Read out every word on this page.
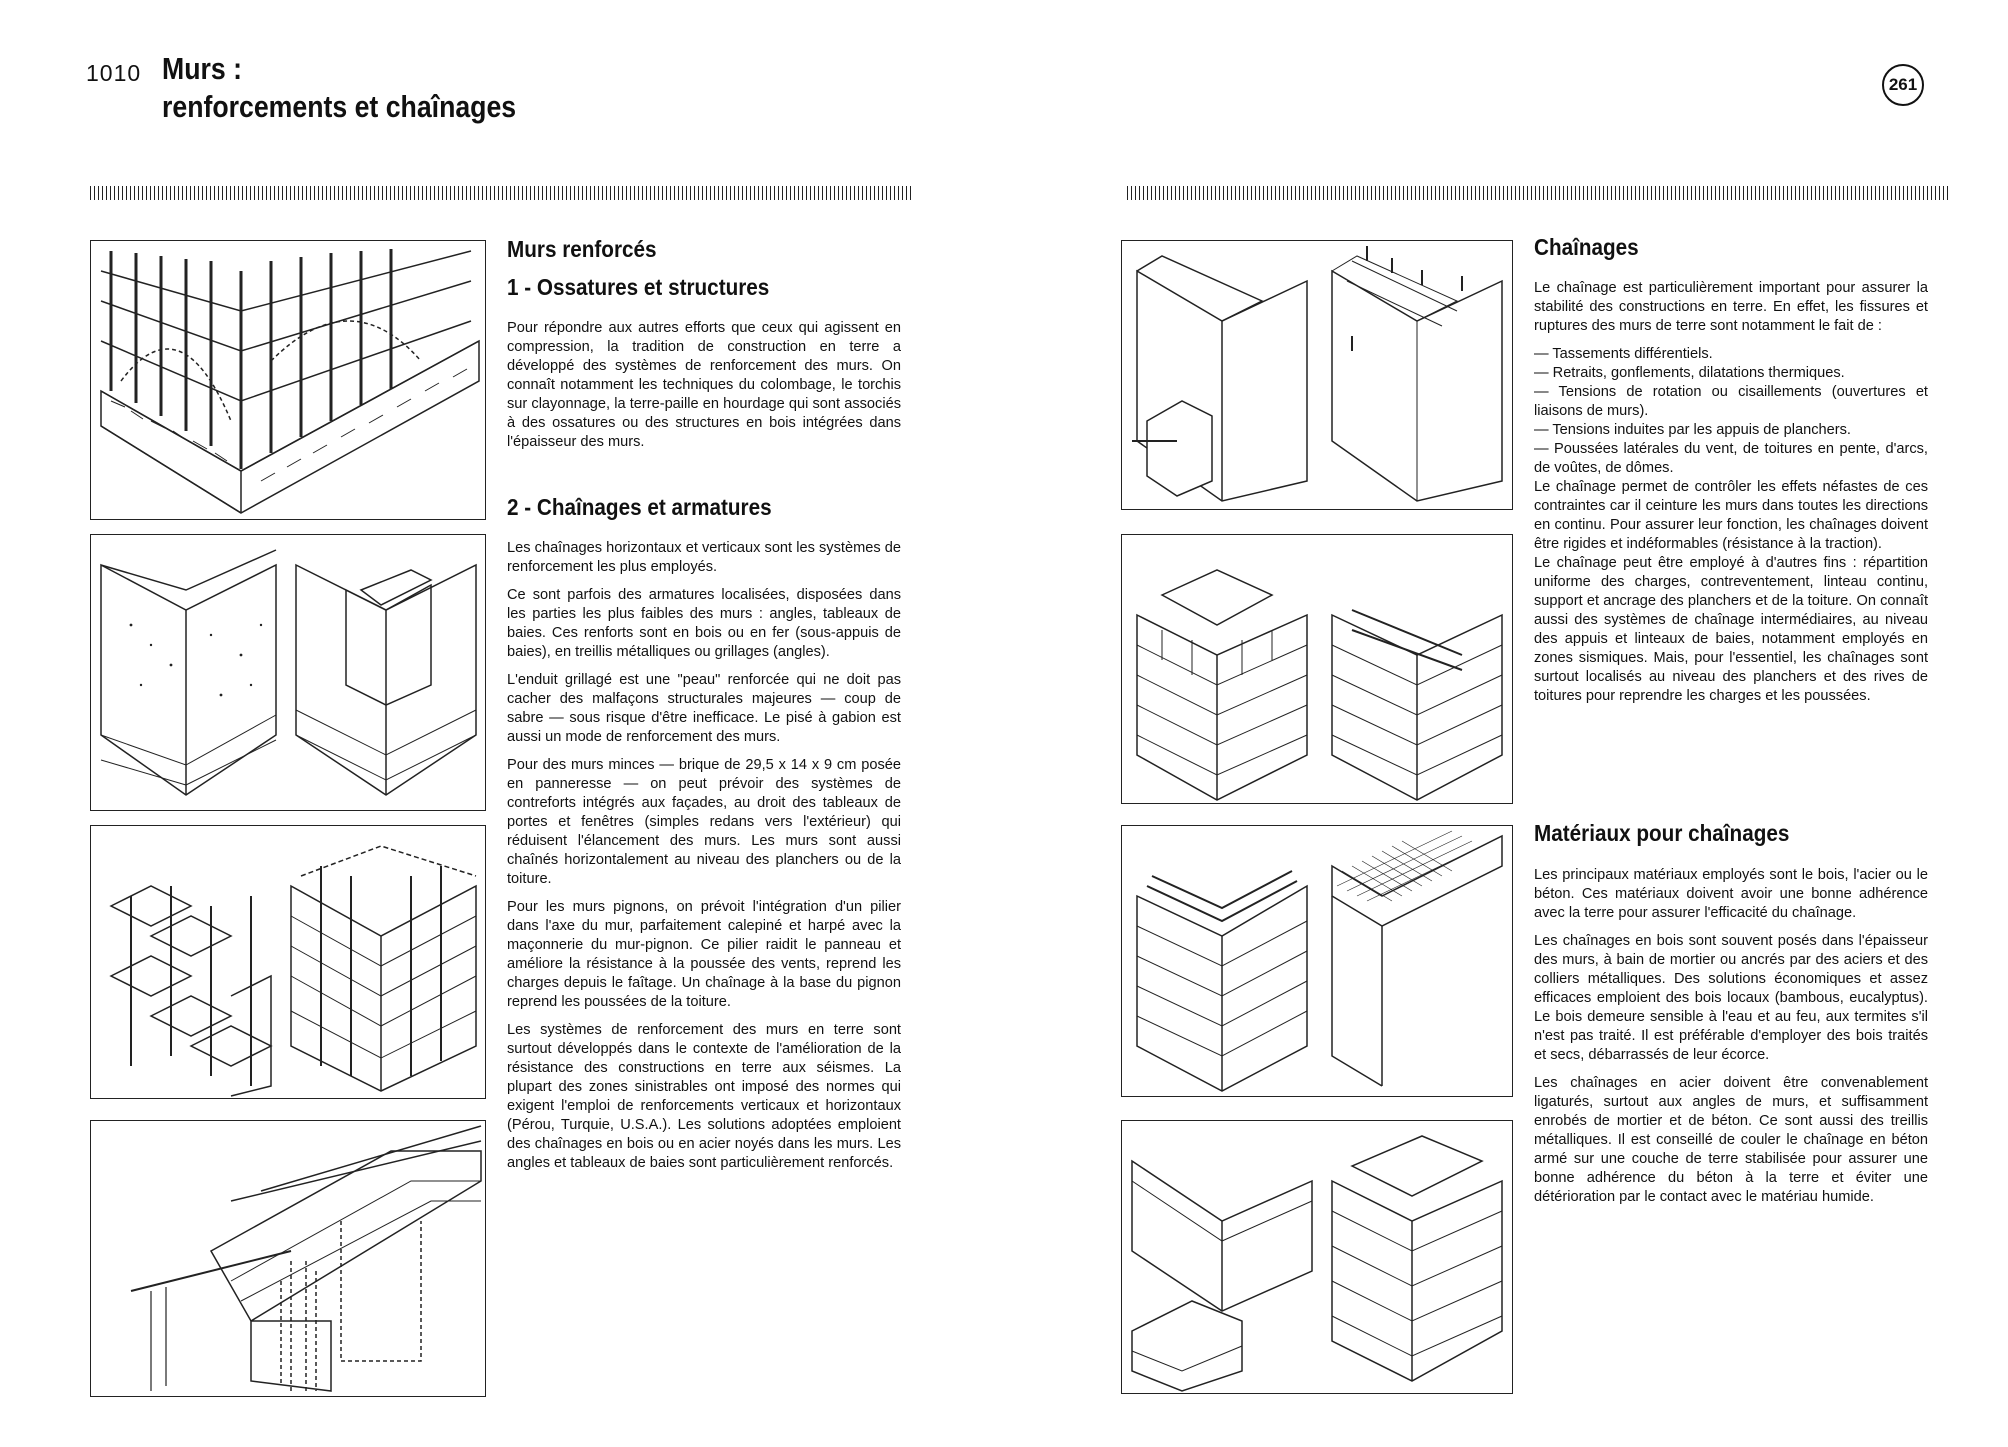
1010 Murs :
renforcements et chaînages
261
Murs renforcés
1 - Ossatures et structures

Pour répondre aux autres efforts que ceux qui agissent en compression, la tradition de construction en terre a développé des systèmes de renforcement des murs. On connaît notamment les techniques du colombage, le torchis sur clayonnage, la terre-paille en hourdage qui sont associés à des ossatures ou des structures en bois intégrées dans l'épaisseur des murs.

2 - Chaînages et armatures

Les chaînages horizontaux et verticaux sont les systèmes de renforcement les plus employés.

Ce sont parfois des armatures localisées, disposées dans les parties les plus faibles des murs : angles, tableaux de baies. Ces renforts sont en bois ou en fer (sous-appuis de baies), en treillis métalliques ou grillages (angles).

L'enduit grillagé est une "peau" renforcée qui ne doit pas cacher des malfaçons structurales majeures — coup de sabre — sous risque d'être inefficace. Le pisé à gabion est aussi un mode de renforcement des murs.

Pour des murs minces — brique de 29,5 x 14 x 9 cm posée en panneresse — on peut prévoir des systèmes de contreforts intégrés aux façades, au droit des tableaux de portes et fenêtres (simples redans vers l'extérieur) qui réduisent l'élancement des murs. Les murs sont aussi chaînés horizontalement au niveau des planchers ou de la toiture.

Pour les murs pignons, on prévoit l'intégration d'un pilier dans l'axe du mur, parfaitement calepiné et harpé avec la maçonnerie du mur-pignon. Ce pilier raidit le panneau et améliore la résistance à la poussée des vents, reprend les charges depuis le faîtage. Un chaînage à la base du pignon reprend les poussées de la toiture.

Les systèmes de renforcement des murs en terre sont surtout développés dans le contexte de l'amélioration de la résistance des constructions en terre aux séismes. La plupart des zones sinistrables ont imposé des normes qui exigent l'emploi de renforcements verticaux et horizontaux (Pérou, Turquie, U.S.A.). Les solutions adoptées emploient des chaînages en bois ou en acier noyés dans les murs. Les angles et tableaux de baies sont particulièrement renforcés.

Chaînages

Le chaînage est particulièrement important pour assurer la stabilité des constructions en terre. En effet, les fissures et ruptures des murs de terre sont notamment le fait de :

— Tassements différentiels.

— Retraits, gonflements, dilatations thermiques.

— Tensions de rotation ou cisaillements (ouvertures et liaisons de murs).

— Tensions induites par les appuis de planchers.

— Poussées latérales du vent, de toitures en pente, d'arcs, de voûtes, de dômes.

Le chaînage permet de contrôler les effets néfastes de ces contraintes car il ceinture les murs dans toutes les directions en continu. Pour assurer leur fonction, les chaînages doivent être rigides et indéformables (résistance à la traction).

Le chaînage peut être employé à d'autres fins : répartition uniforme des charges, contreventement, linteau continu, support et ancrage des planchers et de la toiture. On connaît aussi des systèmes de chaînage intermédiaires, au niveau des appuis et linteaux de baies, notamment employés en zones sismiques. Mais, pour l'essentiel, les chaînages sont surtout localisés au niveau des planchers et des rives de toitures pour reprendre les charges et les poussées.

Matériaux pour chaînages

Les principaux matériaux employés sont le bois, l'acier ou le béton. Ces matériaux doivent avoir une bonne adhérence avec la terre pour assurer l'efficacité du chaînage.

Les chaînages en bois sont souvent posés dans l'épaisseur des murs, à bain de mortier ou ancrés par des aciers et des colliers métalliques. Des solutions économiques et assez efficaces emploient des bois locaux (bambous, eucalyptus). Le bois demeure sensible à l'eau et au feu, aux termites s'il n'est pas traité. Il est préférable d'employer des bois traités et secs, débarrassés de leur écorce.

Les chaînages en acier doivent être convenablement ligaturés, surtout aux angles de murs, et suffisamment enrobés de mortier et de béton. Ce sont aussi des treillis métalliques. Il est conseillé de couler le chaînage en béton armé sur une couche de terre stabilisée pour assurer une bonne adhérence du béton à la terre et éviter une détérioration par le contact avec le matériau humide.
